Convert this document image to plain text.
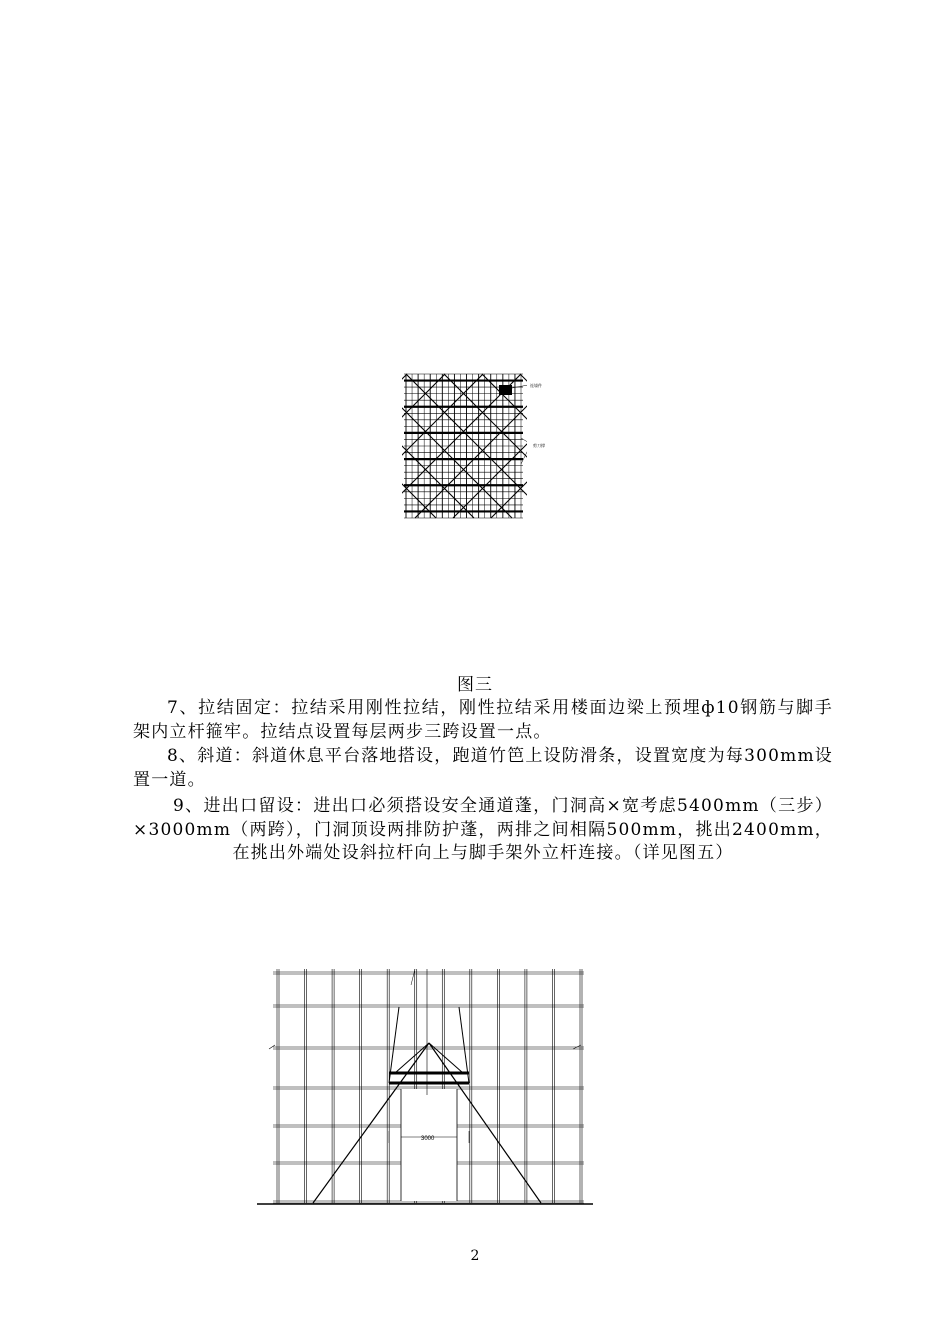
连墙件
剪刀撑
图三
7、拉结固定：拉结采用刚性拉结，刚性拉结采用楼面边梁上预埋ф10钢筋与脚手架内立杆箍牢。拉结点设置每层两步三跨设置一点。
8、斜道：斜道休息平台落地搭设，跑道竹笆上设防滑条，设置宽度为每300mm设置一道。
9、进出口留设：进出口必须搭设安全通道蓬，门洞高×宽考虑5400mm（三步）×3000mm（两跨），门洞顶设两排防护蓬，两排之间相隔500mm，挑出2400mm，在挑出外端处设斜拉杆向上与脚手架外立杆连接。（详见图五）
3000
2
